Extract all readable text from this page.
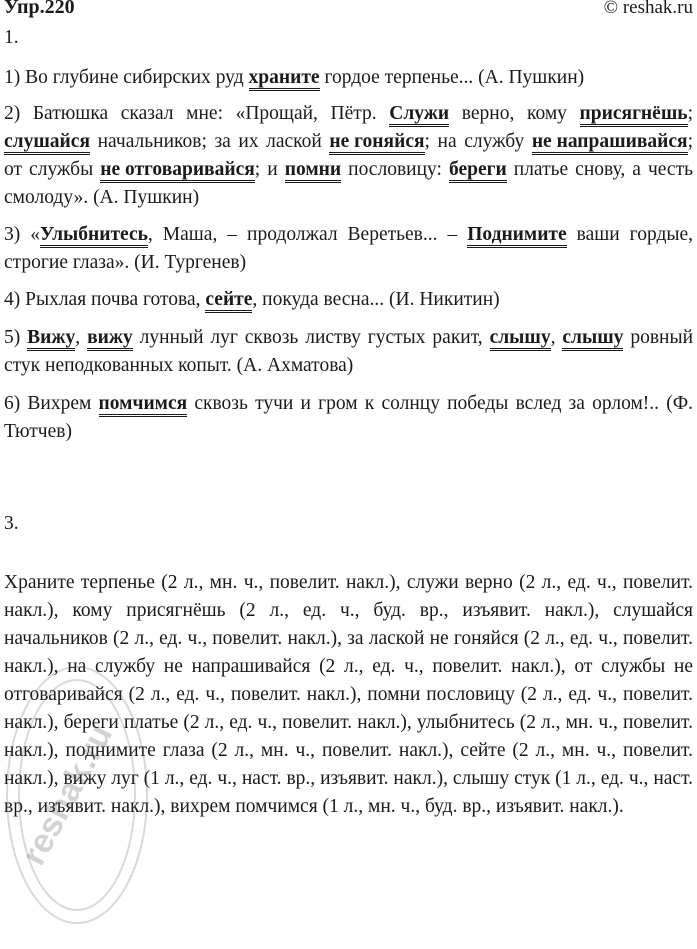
Упр.220	© reshak.ru
1.

1) Во глубине сибирских руд храните гордое терпенье... (А. Пушкин)

2) Батюшка сказал мне: «Прощай, Пётр. Служи верно, кому присягнёшь; слушайся начальников; за их лаской не гоняйся; на службу не напрашивайся; от службы не отговаривайся; и помни пословицу: береги платье снову, а честь смолоду». (А. Пушкин)

3) «Улыбнитесь, Маша, – продолжал Веретьев... – Поднимите ваши гордые, строгие глаза». (И. Тургенев)

4) Рыхлая почва готова, сейте, покуда весна... (И. Никитин)

5) Вижу, вижу лунный луг сквозь листву густых ракит, слышу, слышу ровный стук неподкованных копыт. (А. Ахматова)

6) Вихрем помчимся сквозь тучи и гром к солнцу победы вслед за орлом!.. (Ф. Тютчев)

3.

Храните терпенье (2 л., мн. ч., повелит. накл.), служи верно (2 л., ед. ч., повелит. накл.), кому присягнёшь (2 л., ед. ч., буд. вр., изъявит. накл.), слушайся начальников (2 л., ед. ч., повелит. накл.), за лаской не гоняйся (2 л., ед. ч., повелит. накл.), на службу не напрашивайся (2 л., ед. ч., повелит. накл.), от службы не отговаривайся (2 л., ед. ч., повелит. накл.), помни пословицу (2 л., ед. ч., повелит. накл.), береги платье (2 л., ед. ч., повелит. накл.), улыбнитесь (2 л., мн. ч., повелит. накл.), поднимите глаза (2 л., мн. ч., повелит. накл.), сейте (2 л., мн. ч., повелит. накл.), вижу луг (1 л., ед. ч., наст. вр., изъявит. накл.), слышу стук (1 л., ед. ч., наст. вр., изъявит. накл.), вихрем помчимся (1 л., мн. ч., буд. вр., изъявит. накл.).

reshak.ru
